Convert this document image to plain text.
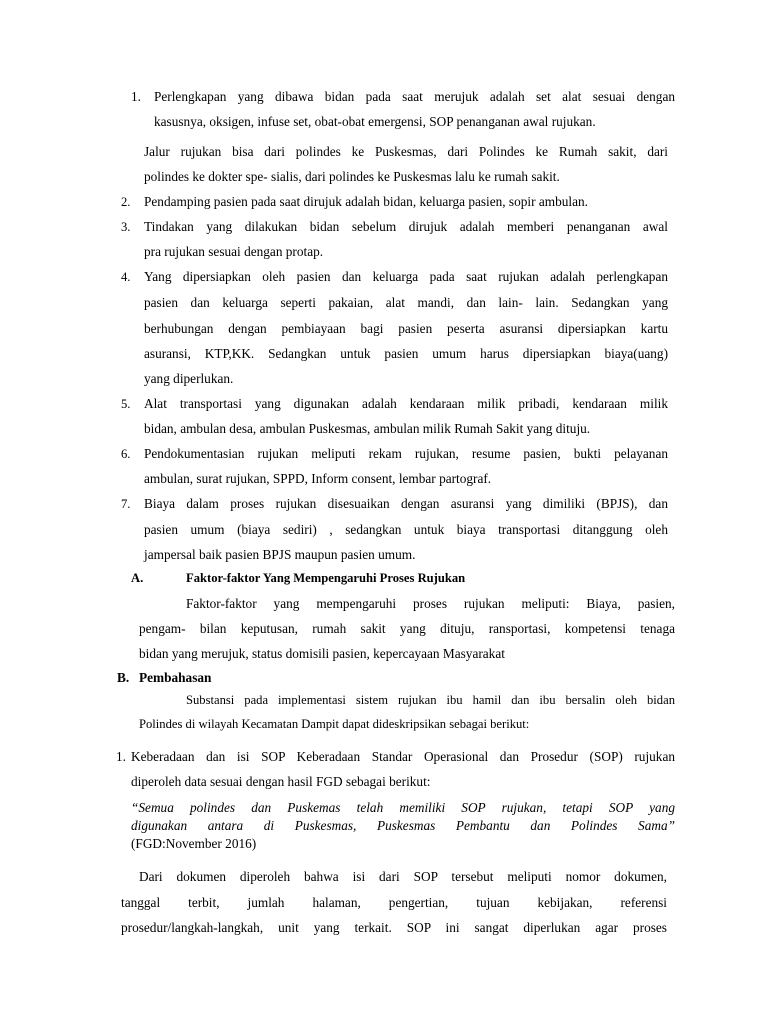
1. Perlengkapan yang dibawa bidan pada saat merujuk adalah set alat sesuai dengan
kasusnya, oksigen, infuse set, obat-obat emergensi, SOP penanganan awal rujukan.
Jalur rujukan bisa dari polindes ke Puskesmas, dari Polindes ke Rumah sakit, dari
polindes ke dokter spe- sialis, dari polindes ke Puskesmas lalu ke rumah sakit.
2. Pendamping pasien pada saat dirujuk adalah bidan, keluarga pasien, sopir ambulan.
3. Tindakan yang dilakukan bidan sebelum dirujuk adalah memberi penanganan awal
pra rujukan sesuai dengan protap.
4. Yang dipersiapkan oleh pasien dan keluarga pada saat rujukan adalah perlengkapan
pasien dan keluarga seperti pakaian, alat mandi, dan lain- lain. Sedangkan yang
berhubungan dengan pembiayaan bagi pasien peserta asuransi dipersiapkan kartu
asuransi, KTP,KK. Sedangkan untuk pasien umum harus dipersiapkan biaya(uang)
yang diperlukan.
5. Alat transportasi yang digunakan adalah kendaraan milik pribadi, kendaraan milik
bidan, ambulan desa, ambulan Puskesmas, ambulan milik Rumah Sakit yang dituju.
6. Pendokumentasian rujukan meliputi rekam rujukan, resume pasien, bukti pelayanan
ambulan, surat rujukan, SPPD, Inform consent, lembar partograf.
7. Biaya dalam proses rujukan disesuaikan dengan asuransi yang dimiliki (BPJS), dan
pasien umum (biaya sediri) , sedangkan untuk biaya transportasi ditanggung oleh
jampersal baik pasien BPJS maupun pasien umum.
A.	Faktor-faktor Yang Mempengaruhi Proses Rujukan
Faktor-faktor yang mempengaruhi proses rujukan meliputi: Biaya, pasien,
pengam- bilan keputusan, rumah sakit yang dituju, ransportasi, kompetensi tenaga
bidan yang merujuk, status domisili pasien, kepercayaan Masyarakat
B. Pembahasan
Substansi pada implementasi sistem rujukan ibu hamil dan ibu bersalin oleh bidan
Polindes di wilayah Kecamatan Dampit dapat dideskripsikan sebagai berikut:
1. Keberadaan dan isi SOP Keberadaan Standar Operasional dan Prosedur (SOP) rujukan
diperoleh data sesuai dengan hasil FGD sebagai berikut:
“Semua polindes dan Puskemas telah memiliki SOP rujukan, tetapi SOP yang
digunakan antara di Puskesmas, Puskesmas Pembantu dan Polindes Sama”
(FGD:November 2016)
Dari dokumen diperoleh bahwa isi dari SOP tersebut meliputi nomor dokumen,
tanggal terbit, jumlah halaman, pengertian, tujuan kebijakan, referensi
prosedur/langkah-langkah, unit yang terkait. SOP ini sangat diperlukan agar proses
